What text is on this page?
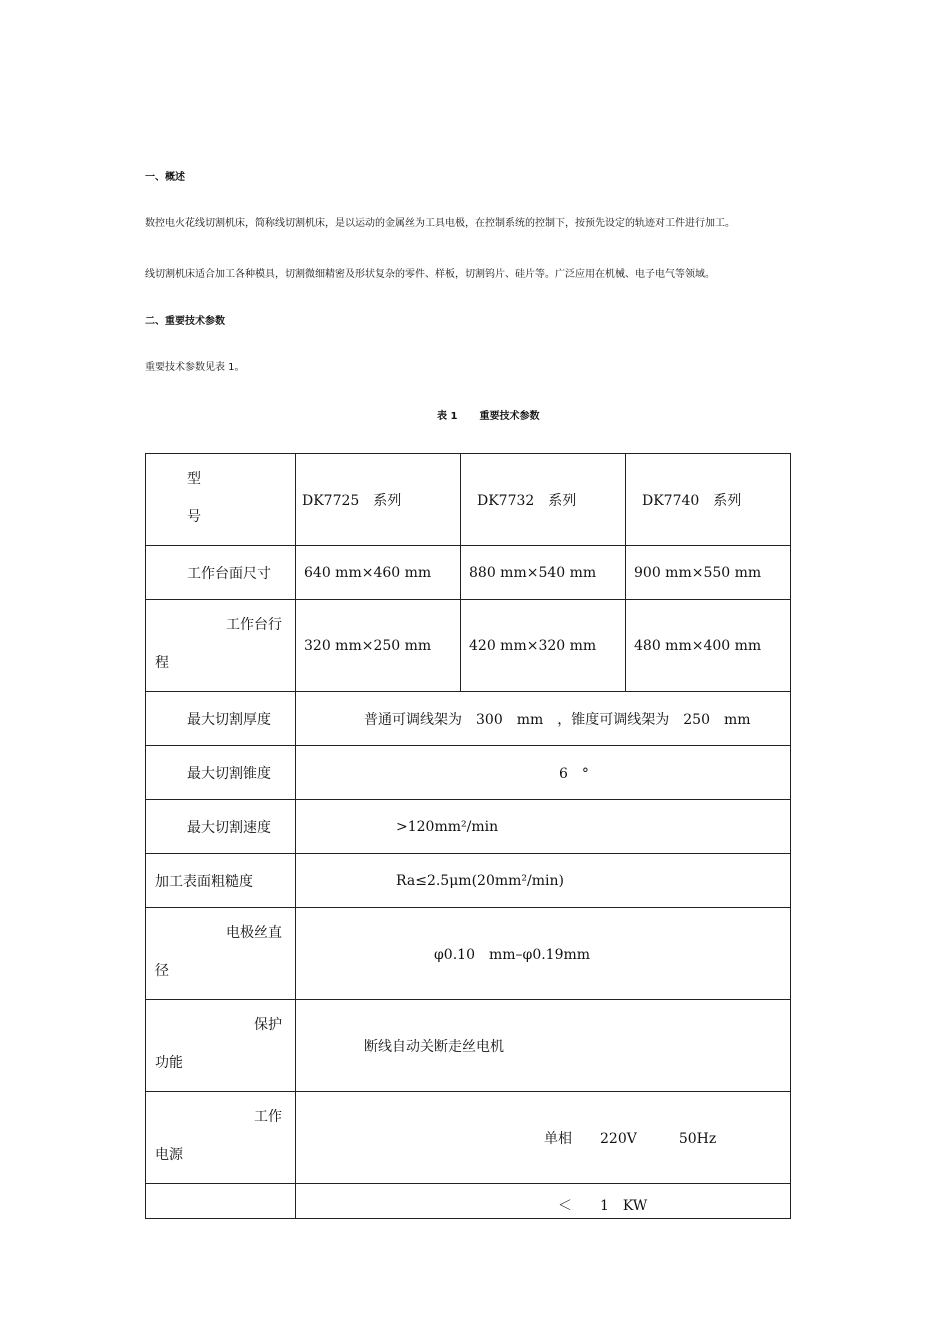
一、概述
数控电火花线切割机床，简称线切割机床，是以运动的金属丝为工具电极，在控制系统的控制下，按预先设定的轨迹对工件进行加工。
线切割机床适合加工各种模具，切割微细精密及形状复杂的零件、样板，切割钨片、硅片等。广泛应用在机械、电子电气等领域。
二、重要技术参数
重要技术参数见表 1。
表 1 重要技术参数
型
号	DK7725　系列	DK7732　系列	DK7740　系列
工作台面尺寸	640 mm×460 mm	880 mm×540 mm	900 mm×550 mm

工作台行
程	320 mm×250 mm	420 mm×320 mm	480 mm×400 mm
最大切割厚度	普通可调线架为　300　mm　，锥度可调线架为　250　mm		
最大切割锥度	6　°		
最大切割速度	>120mm²/min		
加工表面粗糙度	Ra≤2.5μm(20mm²/min)		

电极丝直
径	φ0.10　mm–φ0.19mm		

保护
功能	断线自动关断走丝电机		

工作
电源	单相　　220V　　　50Hz		
	＜　　1　KW		
